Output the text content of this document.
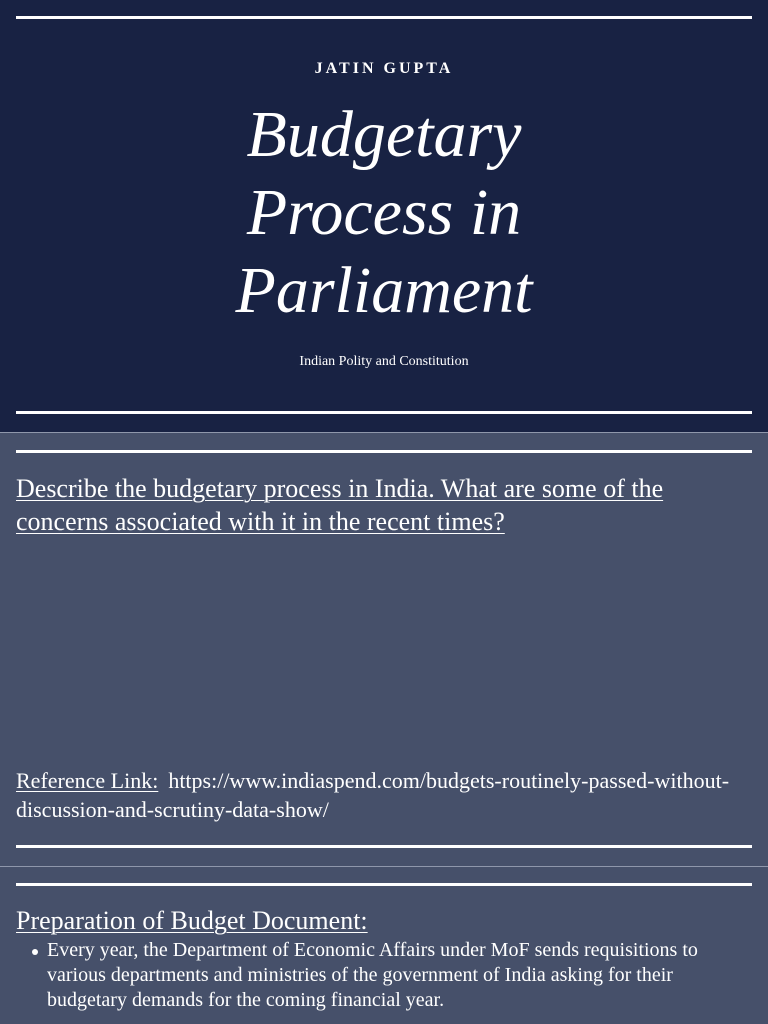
JATIN GUPTA
Budgetary
Process in
Parliament
Indian Polity and Constitution
Describe the budgetary process in India. What are some of the concerns associated with it in the recent times?
Reference Link: https://www.indiaspend.com/budgets-routinely-passed-without-discussion-and-scrutiny-data-show/
Preparation of Budget Document:
Every year, the Department of Economic Affairs under MoF sends requisitions to various departments and ministries of the government of India asking for their budgetary demands for the coming financial year.
